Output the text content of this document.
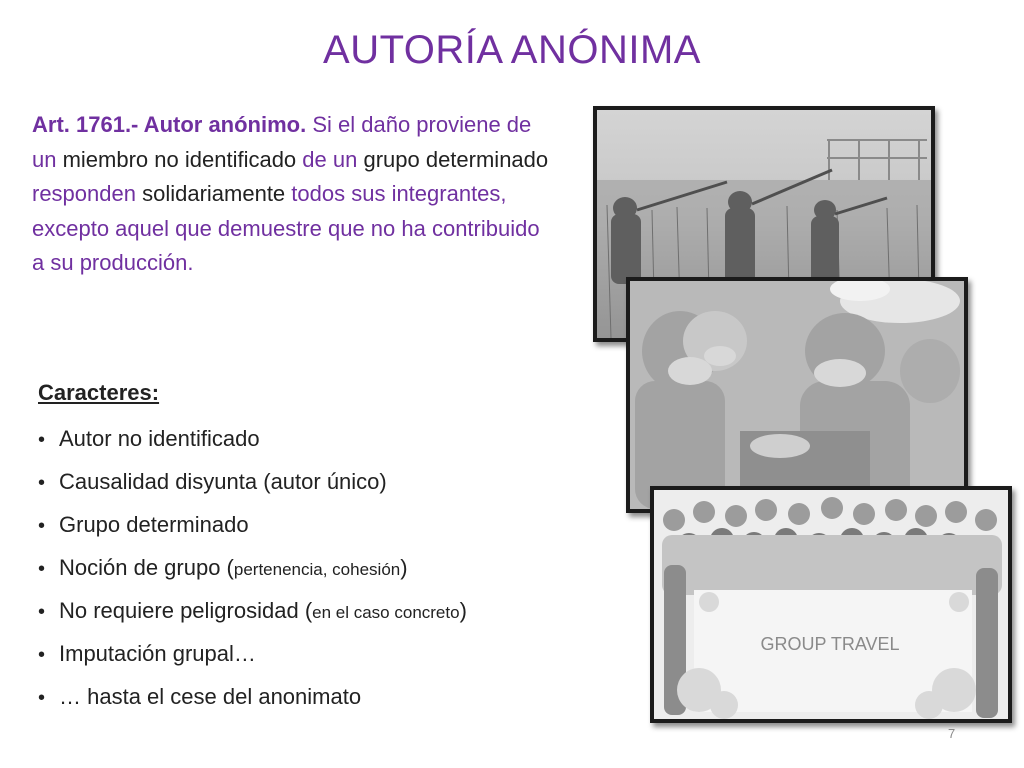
AUTORÍA ANÓNIMA
Art. 1761.- Autor anónimo. Si el daño proviene de un miembro no identificado de un grupo determinado responden solidariamente todos sus integrantes, excepto aquel que demuestre que no ha contribuido a su producción.
Caracteres:
• Autor no identificado
• Causalidad disyunta (autor único)
• Grupo determinado
• Noción de grupo (pertenencia, cohesión)
• No requiere peligrosidad (en el caso concreto)
• Imputación grupal…
• … hasta el cese del anonimato
GROUP TRAVEL
7
